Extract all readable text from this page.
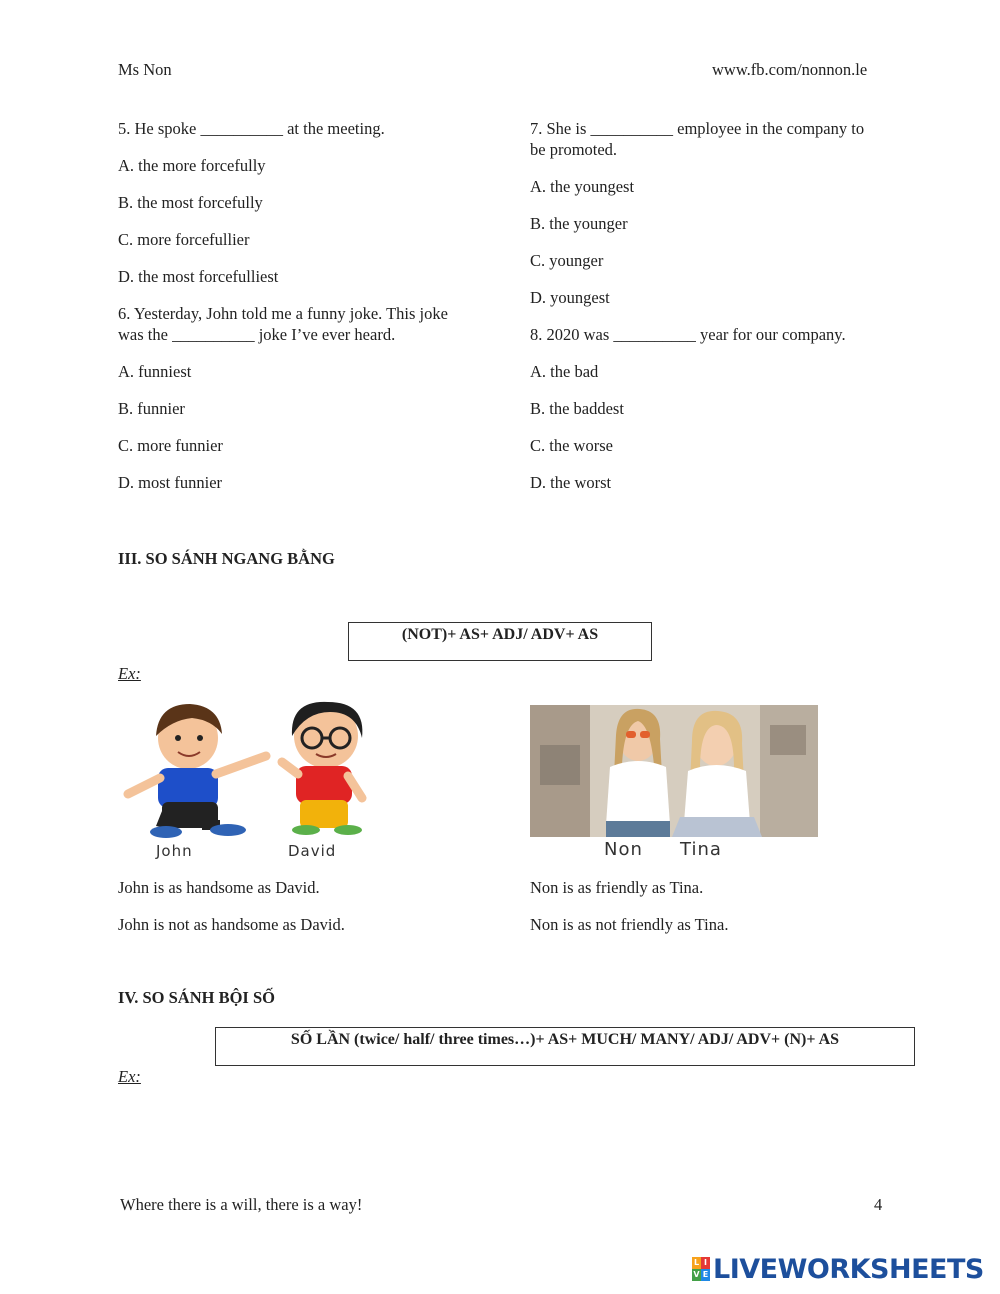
Ms Non	www.fb.com/nonnon.le
5. He spoke __________ at the meeting.
A. the more forcefully
B. the most forcefully
C. more forcefullier
D. the most forcefulliest
6. Yesterday, John told me a funny joke. This joke was the __________ joke I’ve ever heard.
A. funniest
B. funnier
C. more funnier
D. most funnier
7. She is __________ employee in the company to be promoted.
A. the youngest
B. the younger
C. younger
D. youngest
8. 2020 was __________ year for our company.
A. the bad
B. the baddest
C. the worse
D. the worst
III. SO SÁNH NGANG BẰNG
(NOT)+ AS+ ADJ/ ADV+ AS
Ex:
John	David	Non Tina
John is as handsome as David.
John is not as handsome as David.
Non is as friendly as Tina.
Non is as not friendly as Tina.
IV. SO SÁNH BỘI SỐ
SỐ LẦN (twice/ half/ three times…)+ AS+ MUCH/ MANY/ ADJ/ ADV+ (N)+ AS
Ex:
Where there is a will, there is a way!	4
L I
V E LIVEWORKSHEETS
